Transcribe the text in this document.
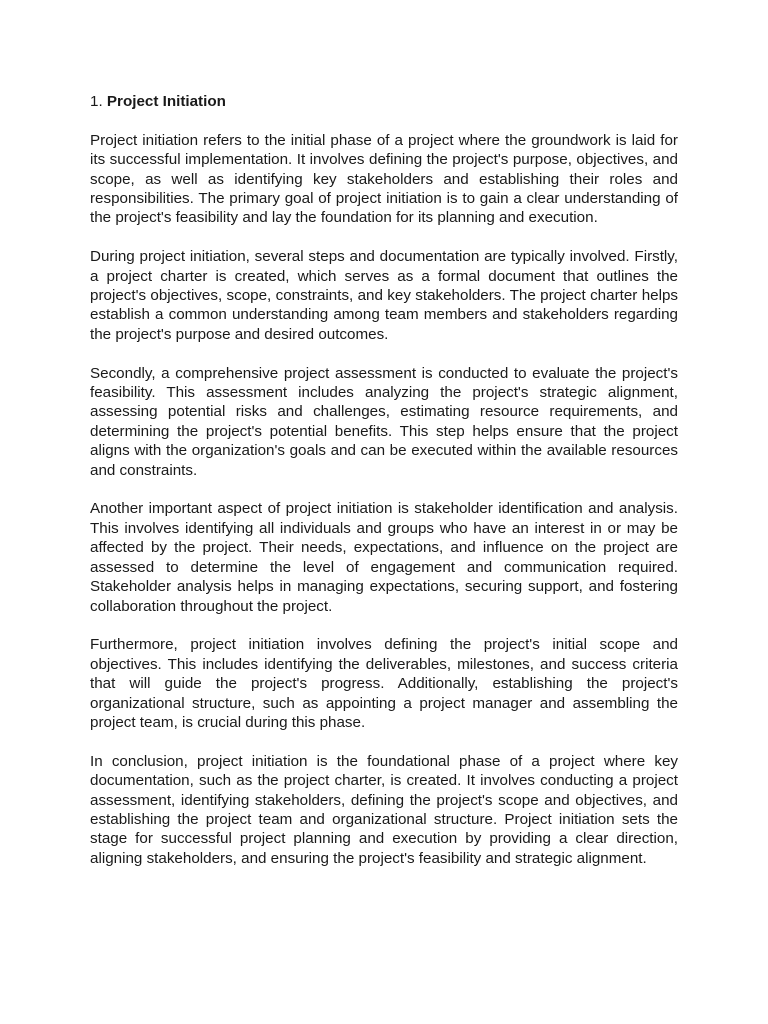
1. Project Initiation

Project initiation refers to the initial phase of a project where the groundwork is laid for its successful implementation. It involves defining the project's purpose, objectives, and scope, as well as identifying key stakeholders and establishing their roles and responsibilities. The primary goal of project initiation is to gain a clear understanding of the project's feasibility and lay the foundation for its planning and execution.

During project initiation, several steps and documentation are typically involved. Firstly, a project charter is created, which serves as a formal document that outlines the project's objectives, scope, constraints, and key stakeholders. The project charter helps establish a common understanding among team members and stakeholders regarding the project's purpose and desired outcomes.

Secondly, a comprehensive project assessment is conducted to evaluate the project's feasibility. This assessment includes analyzing the project's strategic alignment, assessing potential risks and challenges, estimating resource requirements, and determining the project's potential benefits. This step helps ensure that the project aligns with the organization's goals and can be executed within the available resources and constraints.

Another important aspect of project initiation is stakeholder identification and analysis. This involves identifying all individuals and groups who have an interest in or may be affected by the project. Their needs, expectations, and influence on the project are assessed to determine the level of engagement and communication required. Stakeholder analysis helps in managing expectations, securing support, and fostering collaboration throughout the project.

Furthermore, project initiation involves defining the project's initial scope and objectives. This includes identifying the deliverables, milestones, and success criteria that will guide the project's progress. Additionally, establishing the project's organizational structure, such as appointing a project manager and assembling the project team, is crucial during this phase.

In conclusion, project initiation is the foundational phase of a project where key documentation, such as the project charter, is created. It involves conducting a project assessment, identifying stakeholders, defining the project's scope and objectives, and establishing the project team and organizational structure. Project initiation sets the stage for successful project planning and execution by providing a clear direction, aligning stakeholders, and ensuring the project's feasibility and strategic alignment.
